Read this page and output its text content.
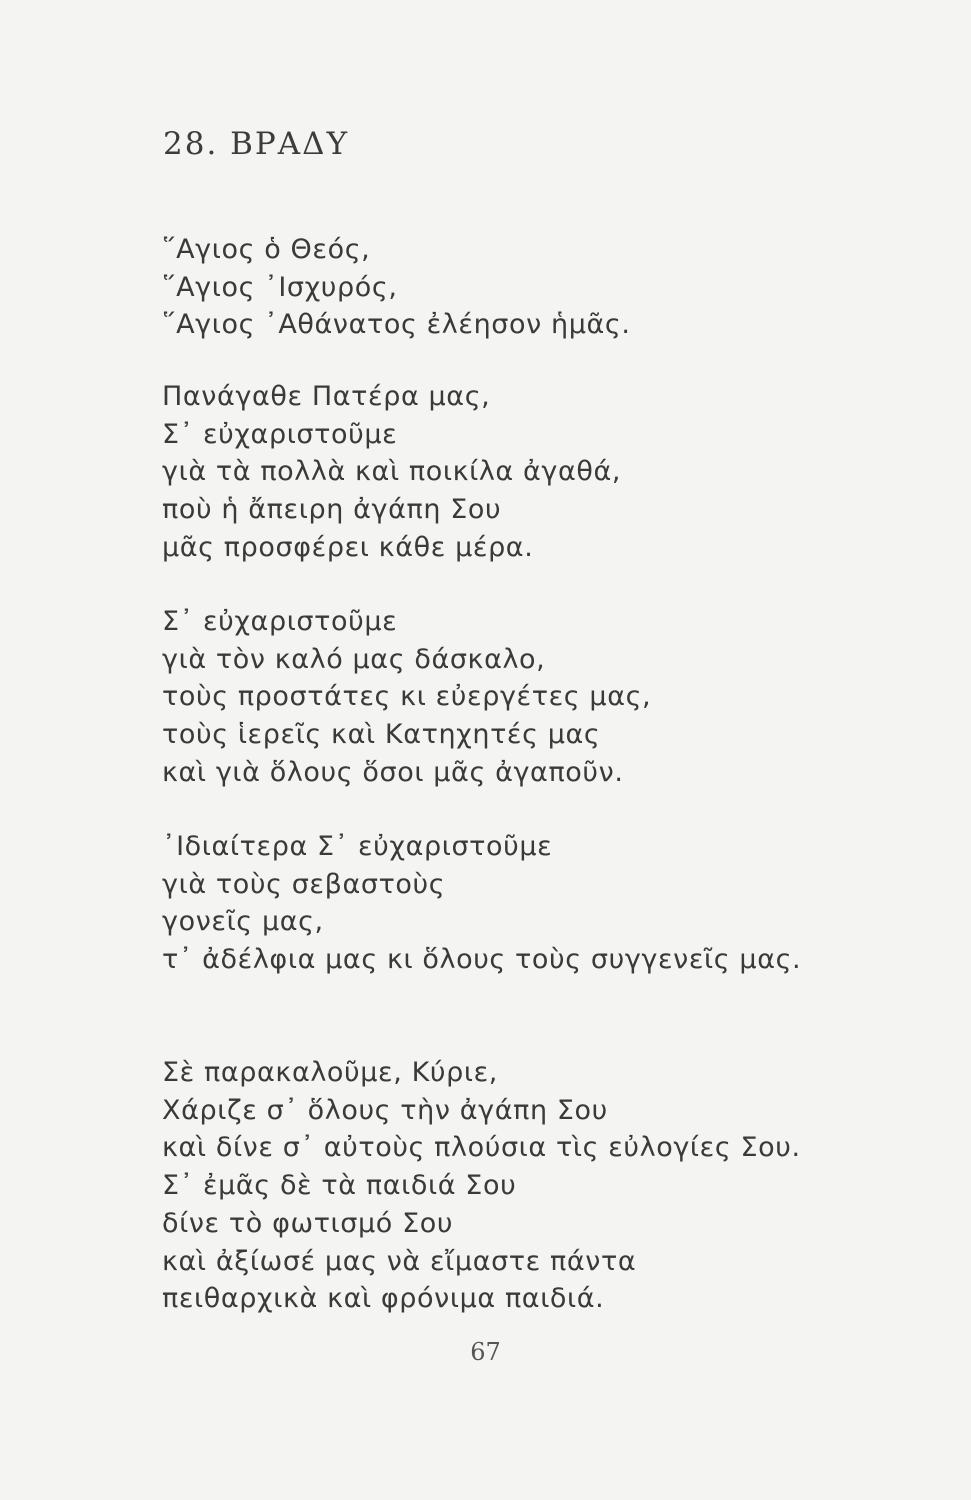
28. ΒΡΑΔΥ
῞Αγιος ὁ Θεός,
῞Αγιος ᾿Ισχυρός,
῞Αγιος ᾿Αθάνατος ἐλέησον ἡμᾶς.
Πανάγαθε Πατέρα μας,
Σ᾿ εὐχαριστοῦμε
γιὰ τὰ πολλὰ καὶ ποικίλα ἀγαθά,
ποὺ ἡ ἄπειρη ἀγάπη Σου
μᾶς προσφέρει κάθε μέρα.
Σ᾿ εὐχαριστοῦμε
γιὰ τὸν καλό μας δάσκαλο,
τοὺς προστάτες κι εὐεργέτες μας,
τοὺς ἱερεῖς καὶ Κατηχητές μας
καὶ γιὰ ὅλους ὅσοι μᾶς ἀγαποῦν.
᾿Ιδιαίτερα Σ᾿ εὐχαριστοῦμε
γιὰ τοὺς σεβαστοὺς
γονεῖς μας,
τ᾿ ἀδέλφια μας κι ὅλους τοὺς συγγενεῖς μας.
Σὲ παρακαλοῦμε, Κύριε,
Χάριζε σ᾿ ὅλους τὴν ἀγάπη Σου
καὶ δίνε σ᾿ αὐτοὺς πλούσια τὶς εὐλογίες Σου.
Σ᾿ ἐμᾶς δὲ τὰ παιδιά Σου
δίνε τὸ φωτισμό Σου
καὶ ἀξίωσέ μας νὰ εἴμαστε πάντα
πειθαρχικὰ καὶ φρόνιμα παιδιά.
67
